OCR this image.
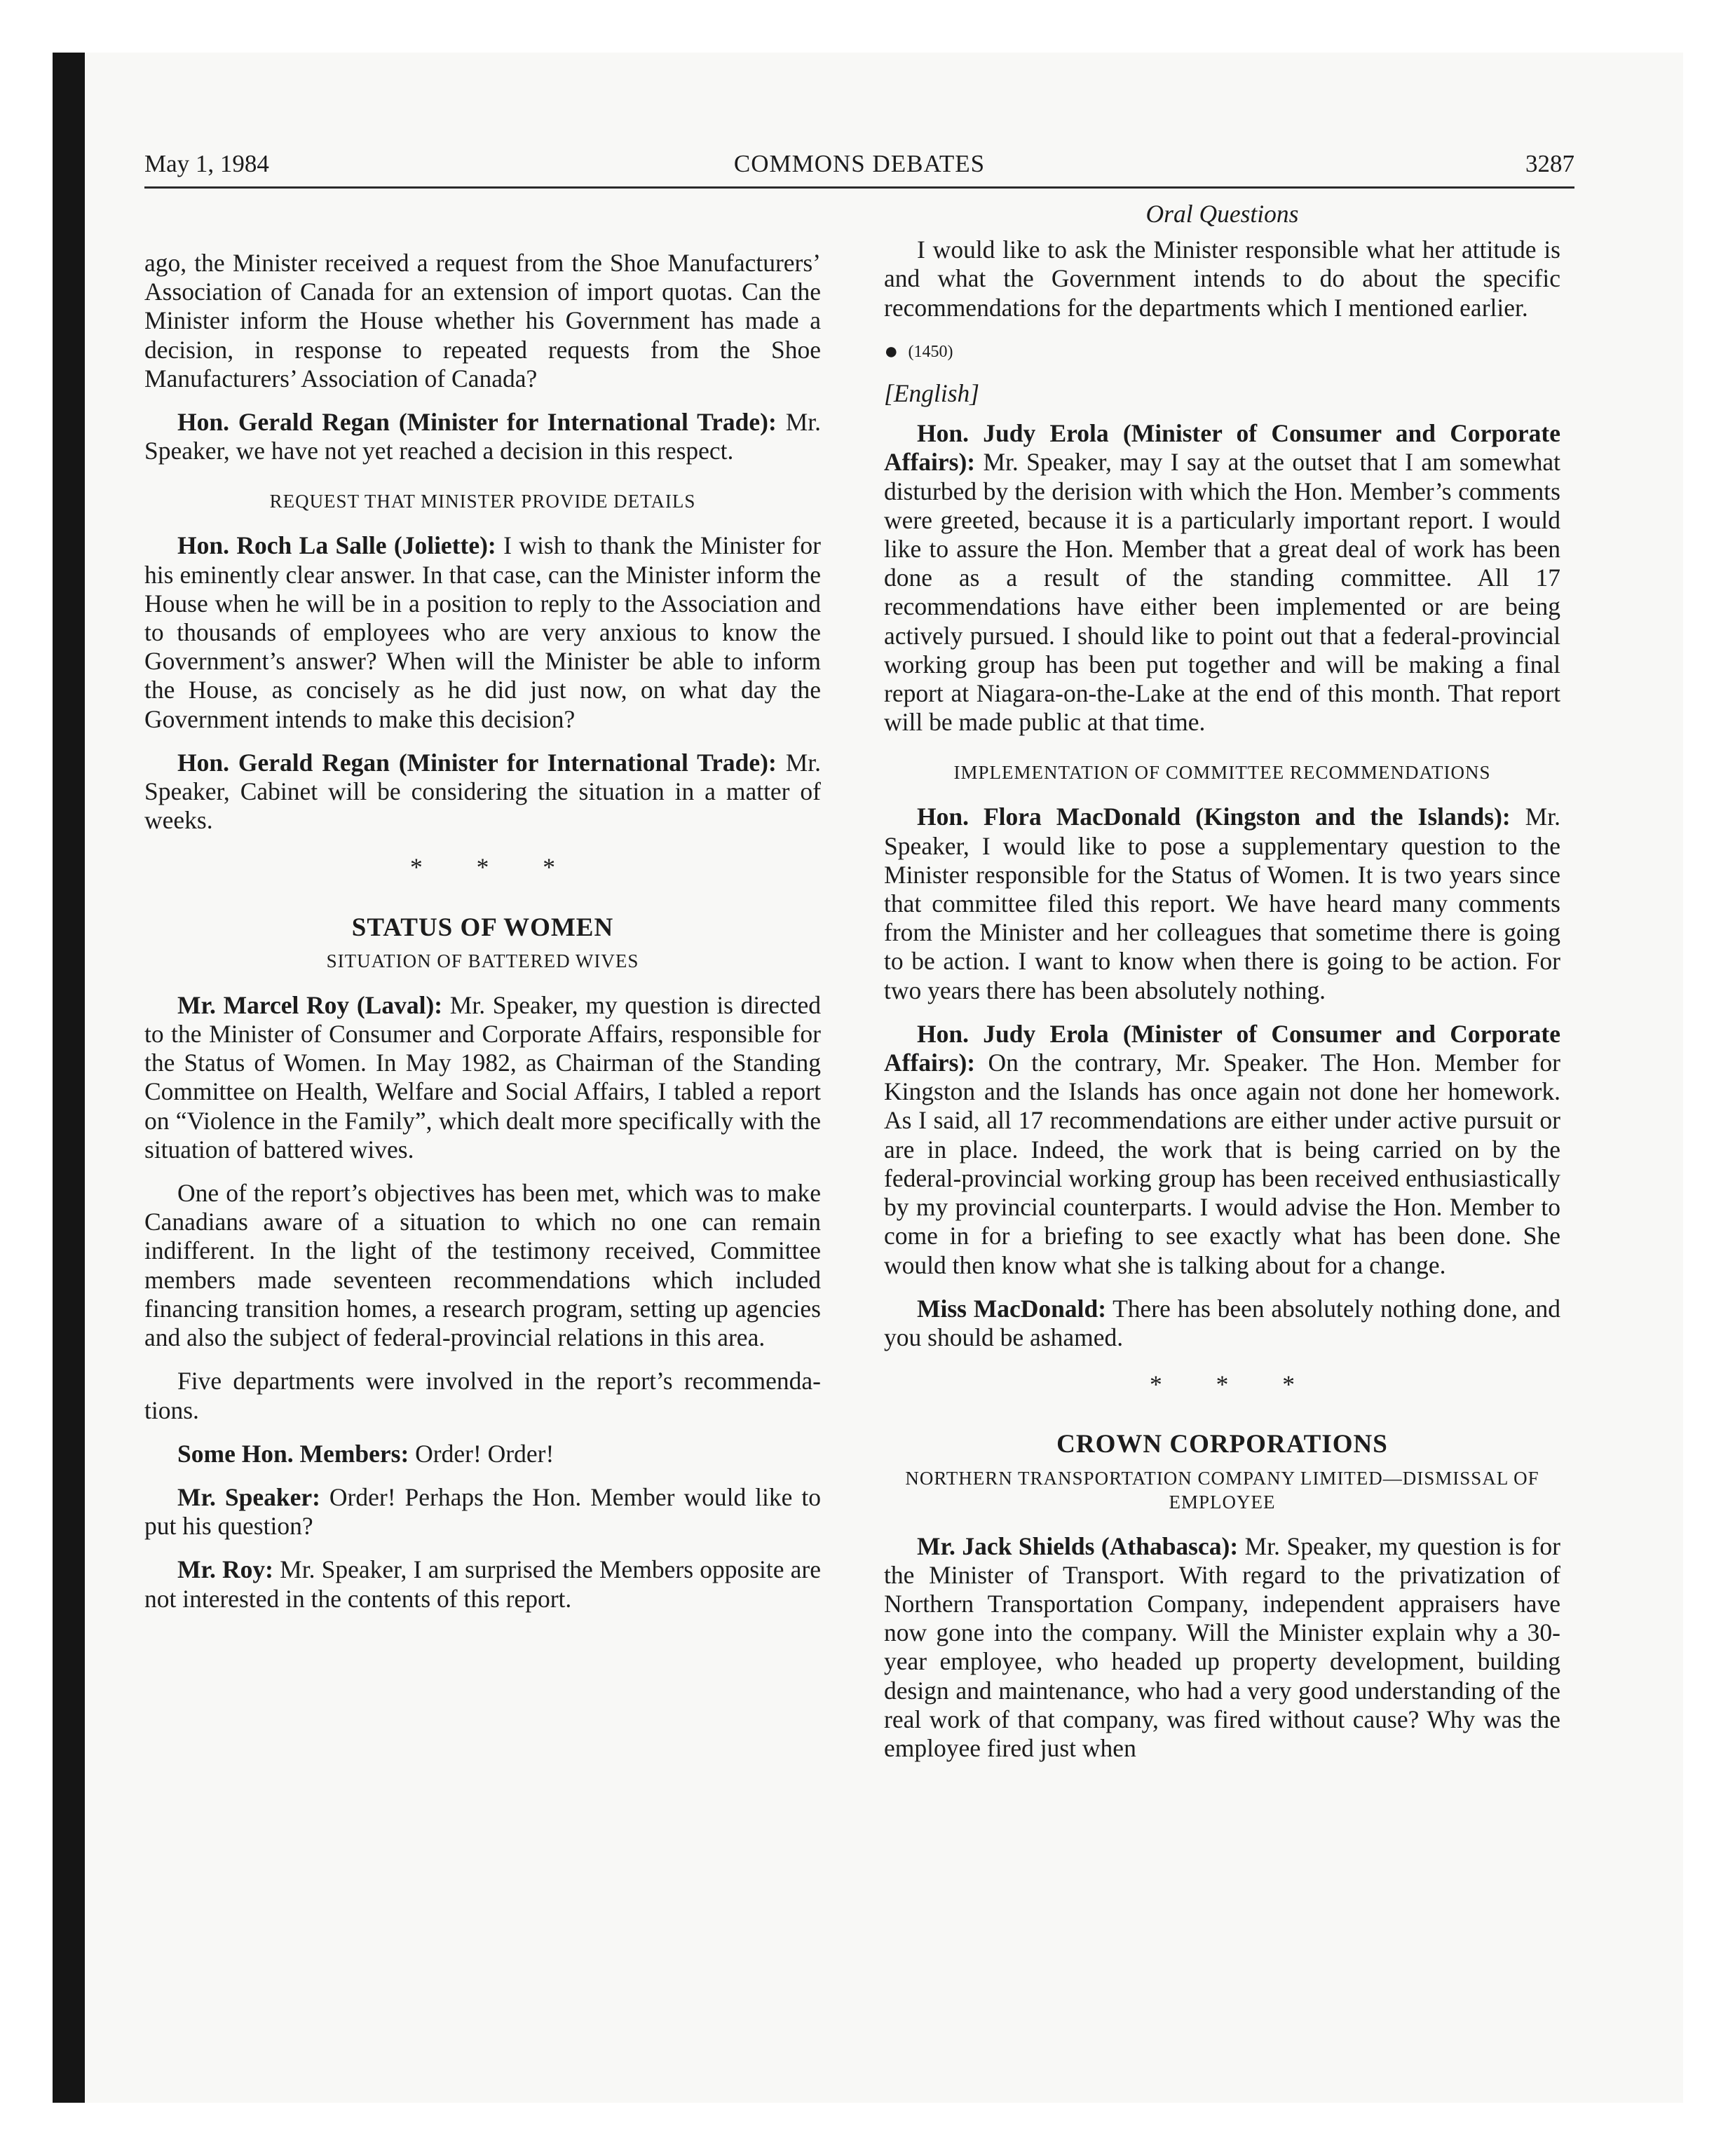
May 1, 1984	COMMONS DEBATES	3287

ago, the Minister received a request from the Shoe Manufacturers’ Association of Canada for an extension of import quotas. Can the Minister inform the House whether his Government has made a decision, in response to repeated requests from the Shoe Manufacturers’ Association of Canada?

Hon. Gerald Regan (Minister for International Trade): Mr. Speaker, we have not yet reached a decision in this respect.

REQUEST THAT MINISTER PROVIDE DETAILS

Hon. Roch La Salle (Joliette): I wish to thank the Minister for his eminently clear answer. In that case, can the Minister inform the House when he will be in a position to reply to the Association and to thousands of employees who are very anxious to know the Government’s answer? When will the Minister be able to inform the House, as concisely as he did just now, on what day the Government intends to make this decision?

Hon. Gerald Regan (Minister for International Trade): Mr. Speaker, Cabinet will be considering the situation in a matter of weeks.

* * *
STATUS OF WOMEN
SITUATION OF BATTERED WIVES

Mr. Marcel Roy (Laval): Mr. Speaker, my question is directed to the Minister of Consumer and Corporate Affairs, responsible for the Status of Women. In May 1982, as Chairman of the Standing Committee on Health, Welfare and Social Affairs, I tabled a report on “Violence in the Family”, which dealt more specifically with the situation of battered wives.

One of the report’s objectives has been met, which was to make Canadians aware of a situation to which no one can remain indifferent. In the light of the testimony received, Committee members made seventeen recommendations which included financing transition homes, a research program, setting up agencies and also the subject of federal-provincial relations in this area.

Five departments were involved in the report’s recommendations.

Some Hon. Members: Order! Order!

Mr. Speaker: Order! Perhaps the Hon. Member would like to put his question?

Mr. Roy: Mr. Speaker, I am surprised the Members opposite are not interested in the contents of this report.

Oral Questions

I would like to ask the Minister responsible what her attitude is and what the Government intends to do about the specific recommendations for the departments which I mentioned earlier.

● (1450)
[English]

Hon. Judy Erola (Minister of Consumer and Corporate Affairs): Mr. Speaker, may I say at the outset that I am somewhat disturbed by the derision with which the Hon. Member’s comments were greeted, because it is a particularly important report. I would like to assure the Hon. Member that a great deal of work has been done as a result of the standing committee. All 17 recommendations have either been implemented or are being actively pursued. I should like to point out that a federal-provincial working group has been put together and will be making a final report at Niagara-on-the-Lake at the end of this month. That report will be made public at that time.

IMPLEMENTATION OF COMMITTEE RECOMMENDATIONS

Hon. Flora MacDonald (Kingston and the Islands): Mr. Speaker, I would like to pose a supplementary question to the Minister responsible for the Status of Women. It is two years since that committee filed this report. We have heard many comments from the Minister and her colleagues that sometime there is going to be action. I want to know when there is going to be action. For two years there has been absolutely nothing.

Hon. Judy Erola (Minister of Consumer and Corporate Affairs): On the contrary, Mr. Speaker. The Hon. Member for Kingston and the Islands has once again not done her homework. As I said, all 17 recommendations are either under active pursuit or are in place. Indeed, the work that is being carried on by the federal-provincial working group has been received enthusiastically by my provincial counterparts. I would advise the Hon. Member to come in for a briefing to see exactly what has been done. She would then know what she is talking about for a change.

Miss MacDonald: There has been absolutely nothing done, and you should be ashamed.

* * *
CROWN CORPORATIONS
NORTHERN TRANSPORTATION COMPANY LIMITED—DISMISSAL OF EMPLOYEE

Mr. Jack Shields (Athabasca): Mr. Speaker, my question is for the Minister of Transport. With regard to the privatization of Northern Transportation Company, independent appraisers have now gone into the company. Will the Minister explain why a 30-year employee, who headed up property development, building design and maintenance, who had a very good understanding of the real work of that company, was fired without cause? Why was the employee fired just when
